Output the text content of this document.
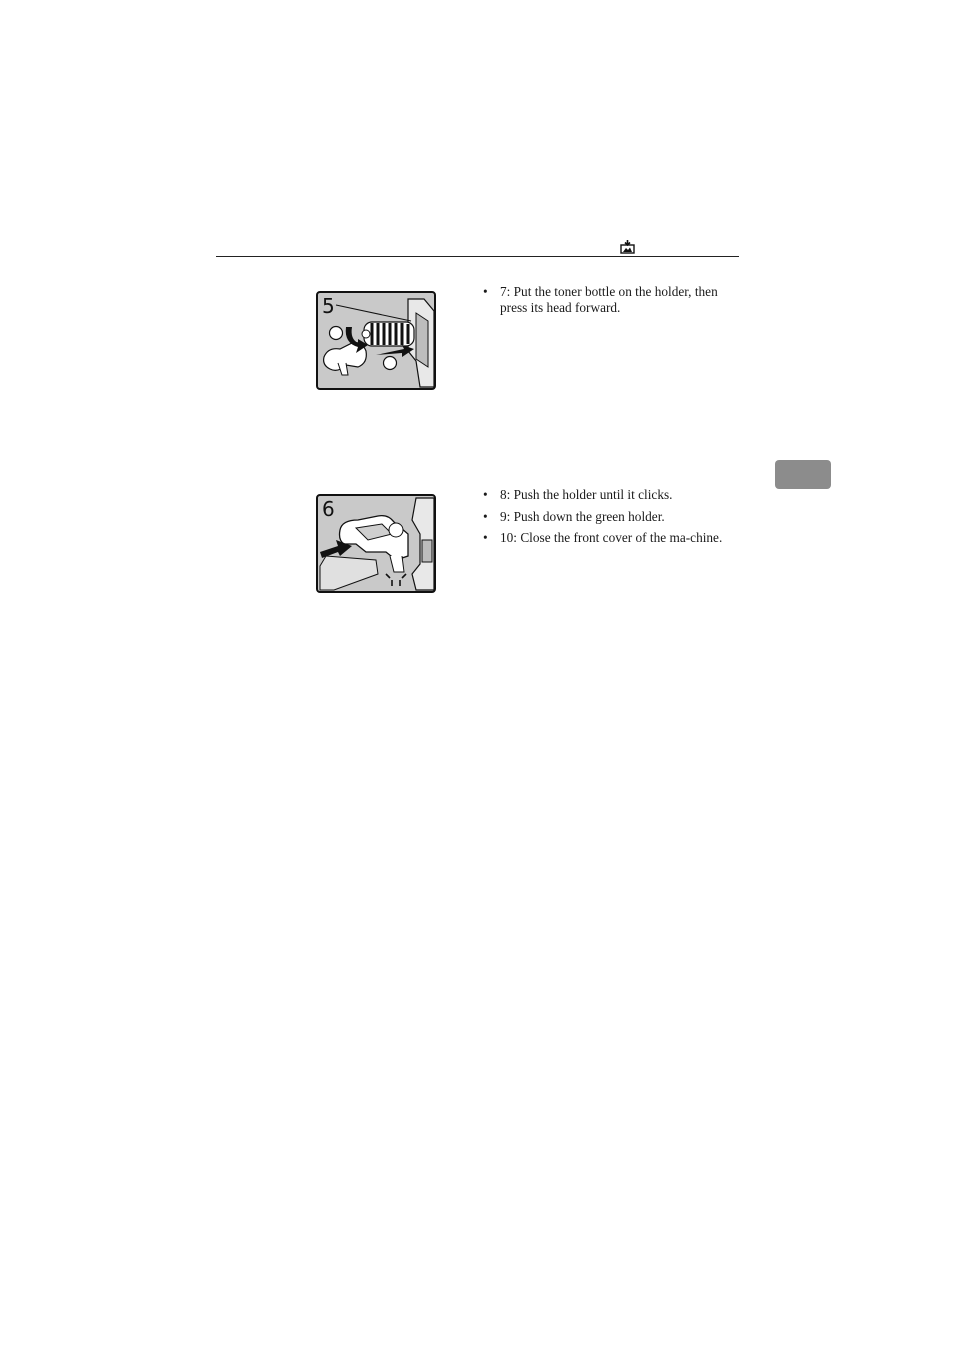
5
• 7: Put the toner bottle on the holder, then press its head forward.
6
• 8: Push the holder until it clicks.
• 9: Push down the green holder.
• 10: Close the front cover of the ma-chine.
